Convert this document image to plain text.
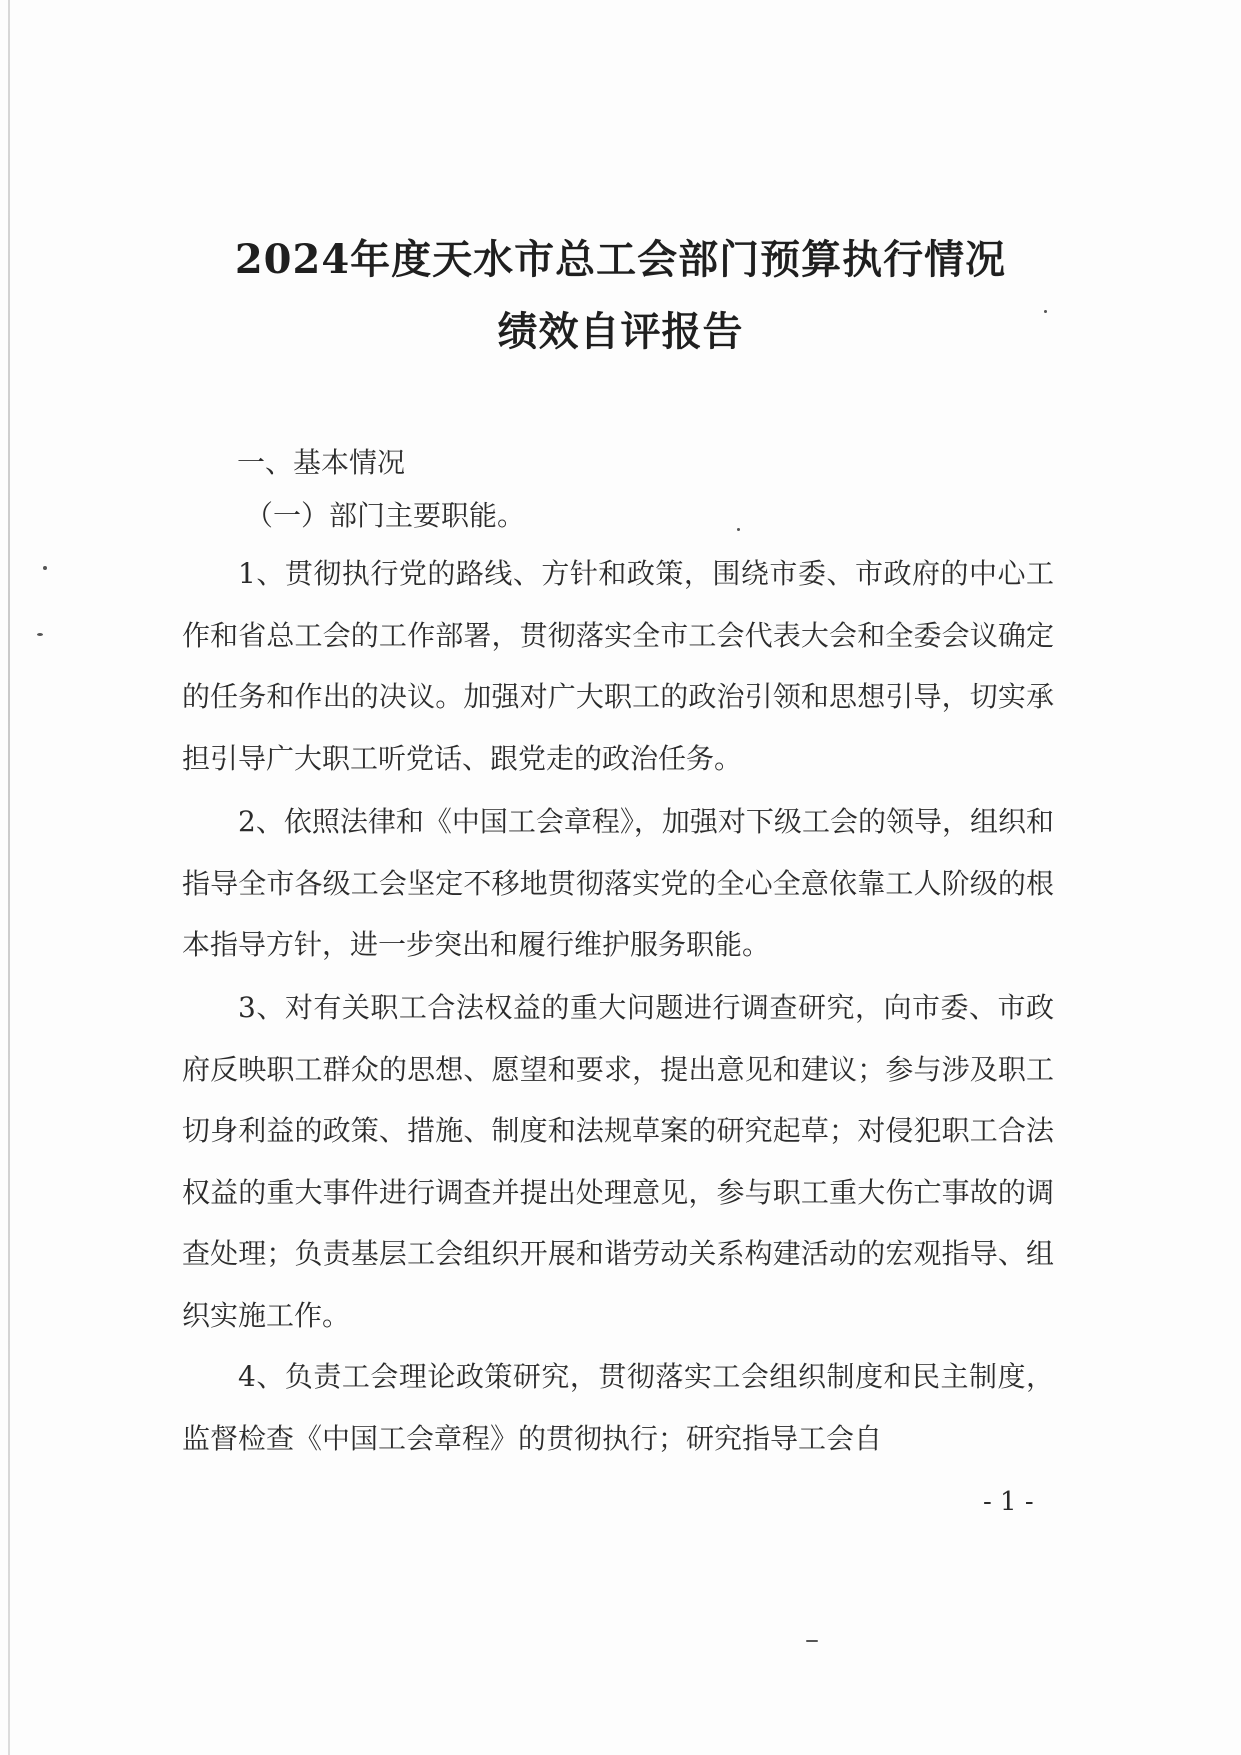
2024年度天水市总工会部门预算执行情况
绩效自评报告
一、基本情况
（一）部门主要职能。
1、贯彻执行党的路线、方针和政策，围绕市委、市政府的中心工作和省总工会的工作部署，贯彻落实全市工会代表大会和全委会议确定的任务和作出的决议。加强对广大职工的政治引领和思想引导，切实承担引导广大职工听党话、跟党走的政治任务。
2、依照法律和《中国工会章程》，加强对下级工会的领导，组织和指导全市各级工会坚定不移地贯彻落实党的全心全意依靠工人阶级的根本指导方针，进一步突出和履行维护服务职能。
3、对有关职工合法权益的重大问题进行调查研究，向市委、市政府反映职工群众的思想、愿望和要求，提出意见和建议；参与涉及职工切身利益的政策、措施、制度和法规草案的研究起草；对侵犯职工合法权益的重大事件进行调查并提出处理意见，参与职工重大伤亡事故的调查处理；负责基层工会组织开展和谐劳动关系构建活动的宏观指导、组织实施工作。
4、负责工会理论政策研究，贯彻落实工会组织制度和民主制度，监督检查《中国工会章程》的贯彻执行；研究指导工会自
- 1 -
